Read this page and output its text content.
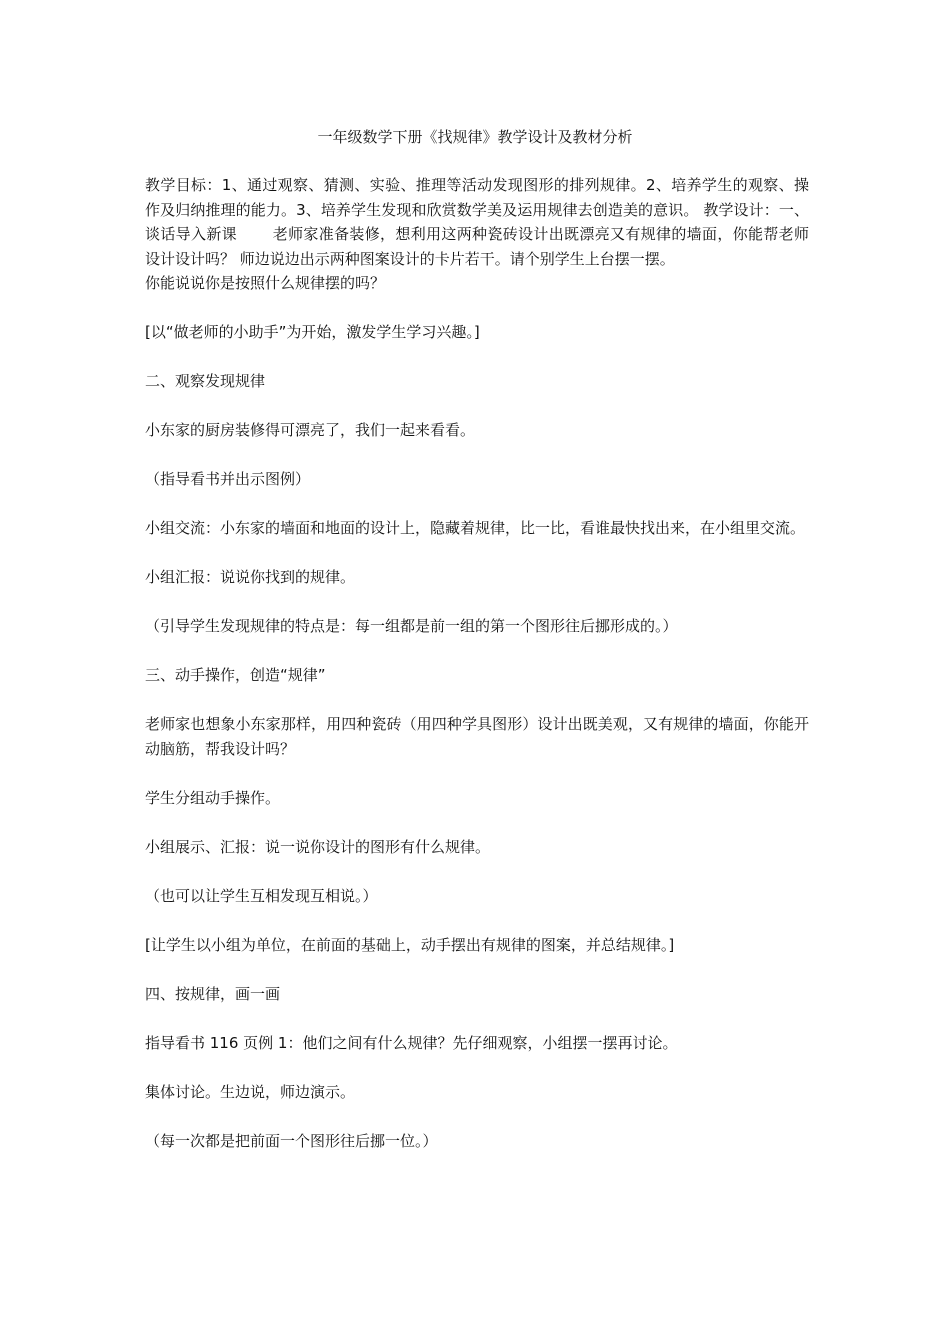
一年级数学下册《找规律》教学设计及教材分析

教学目标：1、通过观察、猜测、实验、推理等活动发现图形的排列规律。2、培养学生的观察、操作及归纳推理的能力。3、培养学生发现和欣赏数学美及运用规律去创造美的意识。 教学设计：一、谈话导入新课　　 老师家准备装修，想利用这两种瓷砖设计出既漂亮又有规律的墙面，你能帮老师设计设计吗？ 师边说边出示两种图案设计的卡片若干。请个别学生上台摆一摆。

你能说说你是按照什么规律摆的吗？

[以“做老师的小助手”为开始，激发学生学习兴趣。]

二、观察发现规律

小东家的厨房装修得可漂亮了，我们一起来看看。

（指导看书并出示图例）

小组交流：小东家的墙面和地面的设计上，隐藏着规律，比一比，看谁最快找出来，在小组里交流。

小组汇报：说说你找到的规律。

（引导学生发现规律的特点是：每一组都是前一组的第一个图形往后挪形成的。）

三、动手操作，创造“规律”

老师家也想象小东家那样，用四种瓷砖（用四种学具图形）设计出既美观，又有规律的墙面，你能开动脑筋，帮我设计吗？

学生分组动手操作。

小组展示、汇报：说一说你设计的图形有什么规律。

（也可以让学生互相发现互相说。）

[让学生以小组为单位，在前面的基础上，动手摆出有规律的图案，并总结规律。]

四、按规律，画一画

指导看书 116 页例 1：他们之间有什么规律？先仔细观察，小组摆一摆再讨论。

集体讨论。生边说，师边演示。

（每一次都是把前面一个图形往后挪一位。）
